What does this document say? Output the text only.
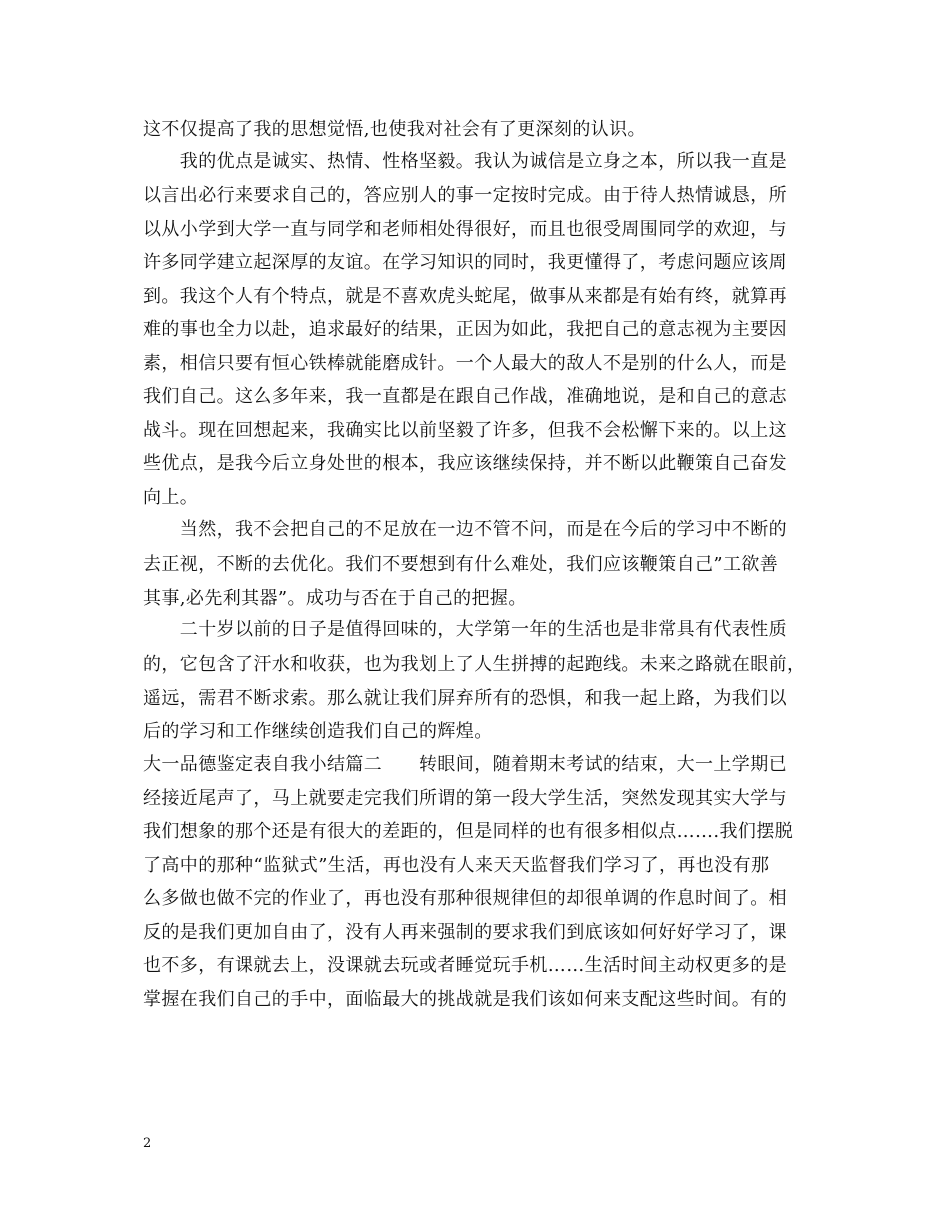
这不仅提高了我的思想觉悟,也使我对社会有了更深刻的认识。
　　我的优点是诚实、热情、性格坚毅。我认为诚信是立身之本，所以我一直是
以言出必行来要求自己的，答应别人的事一定按时完成。由于待人热情诚恳，所
以从小学到大学一直与同学和老师相处得很好，而且也很受周围同学的欢迎，与
许多同学建立起深厚的友谊。在学习知识的同时，我更懂得了，考虑问题应该周
到。我这个人有个特点，就是不喜欢虎头蛇尾，做事从来都是有始有终，就算再
难的事也全力以赴，追求最好的结果，正因为如此，我把自己的意志视为主要因
素，相信只要有恒心铁棒就能磨成针。一个人最大的敌人不是别的什么人，而是
我们自己。这么多年来，我一直都是在跟自己作战，准确地说，是和自己的意志
战斗。现在回想起来，我确实比以前坚毅了许多，但我不会松懈下来的。以上这
些优点，是我今后立身处世的根本，我应该继续保持，并不断以此鞭策自己奋发
向上。
　　当然，我不会把自己的不足放在一边不管不问，而是在今后的学习中不断的
去正视，不断的去优化。我们不要想到有什么难处，我们应该鞭策自己”工欲善
其事,必先利其器”。成功与否在于自己的把握。
　　二十岁以前的日子是值得回味的，大学第一年的生活也是非常具有代表性质
的，它包含了汗水和收获，也为我划上了人生拼搏的起跑线。未来之路就在眼前，
遥远，需君不断求索。那么就让我们屏弃所有的恐惧，和我一起上路，为我们以
后的学习和工作继续创造我们自己的辉煌。
大一品德鉴定表自我小结篇二　　转眼间，随着期末考试的结束，大一上学期已
经接近尾声了，马上就要走完我们所谓的第一段大学生活，突然发现其实大学与
我们想象的那个还是有很大的差距的，但是同样的也有很多相似点…….我们摆脱
了高中的那种“监狱式”生活，再也没有人来天天监督我们学习了，再也没有那
么多做也做不完的作业了，再也没有那种很规律但的却很单调的作息时间了。相
反的是我们更加自由了，没有人再来强制的要求我们到底该如何好好学习了，课
也不多，有课就去上，没课就去玩或者睡觉玩手机……生活时间主动权更多的是
掌握在我们自己的手中，面临最大的挑战就是我们该如何来支配这些时间。有的
2
